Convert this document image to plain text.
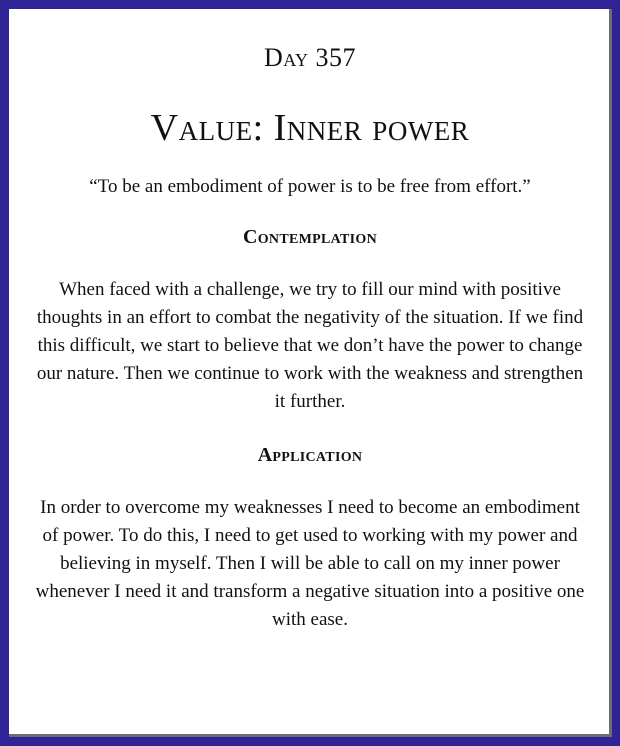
Day 357
Value: Inner power

“To be an embodiment of power is to be free from effort.”

Contemplation

When faced with a challenge, we try to fill our mind with positive thoughts in an effort to combat the negativity of the situation. If we find this difficult, we start to believe that we don’t have the power to change our nature. Then we continue to work with the weakness and strengthen it further.

Application

In order to overcome my weaknesses I need to become an embodiment of power. To do this, I need to get used to working with my power and believing in myself. Then I will be able to call on my inner power whenever I need it and transform a negative situation into a positive one with ease.
